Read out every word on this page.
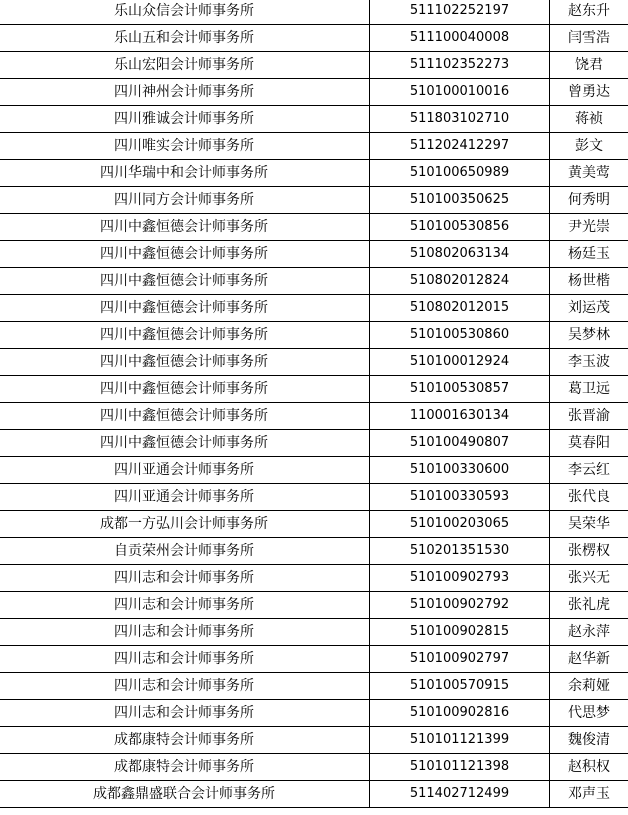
乐山众信会计师事务所	511102252197	赵东升
乐山五和会计师事务所	511100040008	闫雪浩
乐山宏阳会计师事务所	511102352273	饶君
四川神州会计师事务所	510100010016	曾勇达
四川雅诚会计师事务所	511803102710	蒋祯
四川唯实会计师事务所	511202412297	彭文
四川华瑞中和会计师事务所	510100650989	黄美莺
四川同方会计师事务所	510100350625	何秀明
四川中鑫恒德会计师事务所	510100530856	尹光崇
四川中鑫恒德会计师事务所	510802063134	杨廷玉
四川中鑫恒德会计师事务所	510802012824	杨世楷
四川中鑫恒德会计师事务所	510802012015	刘运茂
四川中鑫恒德会计师事务所	510100530860	吴梦林
四川中鑫恒德会计师事务所	510100012924	李玉波
四川中鑫恒德会计师事务所	510100530857	葛卫远
四川中鑫恒德会计师事务所	110001630134	张晋渝
四川中鑫恒德会计师事务所	510100490807	莫春阳
四川亚通会计师事务所	510100330600	李云红
四川亚通会计师事务所	510100330593	张代良
成都一方弘川会计师事务所	510100203065	吴荣华
自贡荣州会计师事务所	510201351530	张楞权
四川志和会计师事务所	510100902793	张兴无
四川志和会计师事务所	510100902792	张礼虎
四川志和会计师事务所	510100902815	赵永萍
四川志和会计师事务所	510100902797	赵华新
四川志和会计师事务所	510100570915	余莉娅
四川志和会计师事务所	510100902816	代思梦
成都康特会计师事务所	510101121399	魏俊清
成都康特会计师事务所	510101121398	赵积权
成都鑫鼎盛联合会计师事务所	511402712499	邓声玉
